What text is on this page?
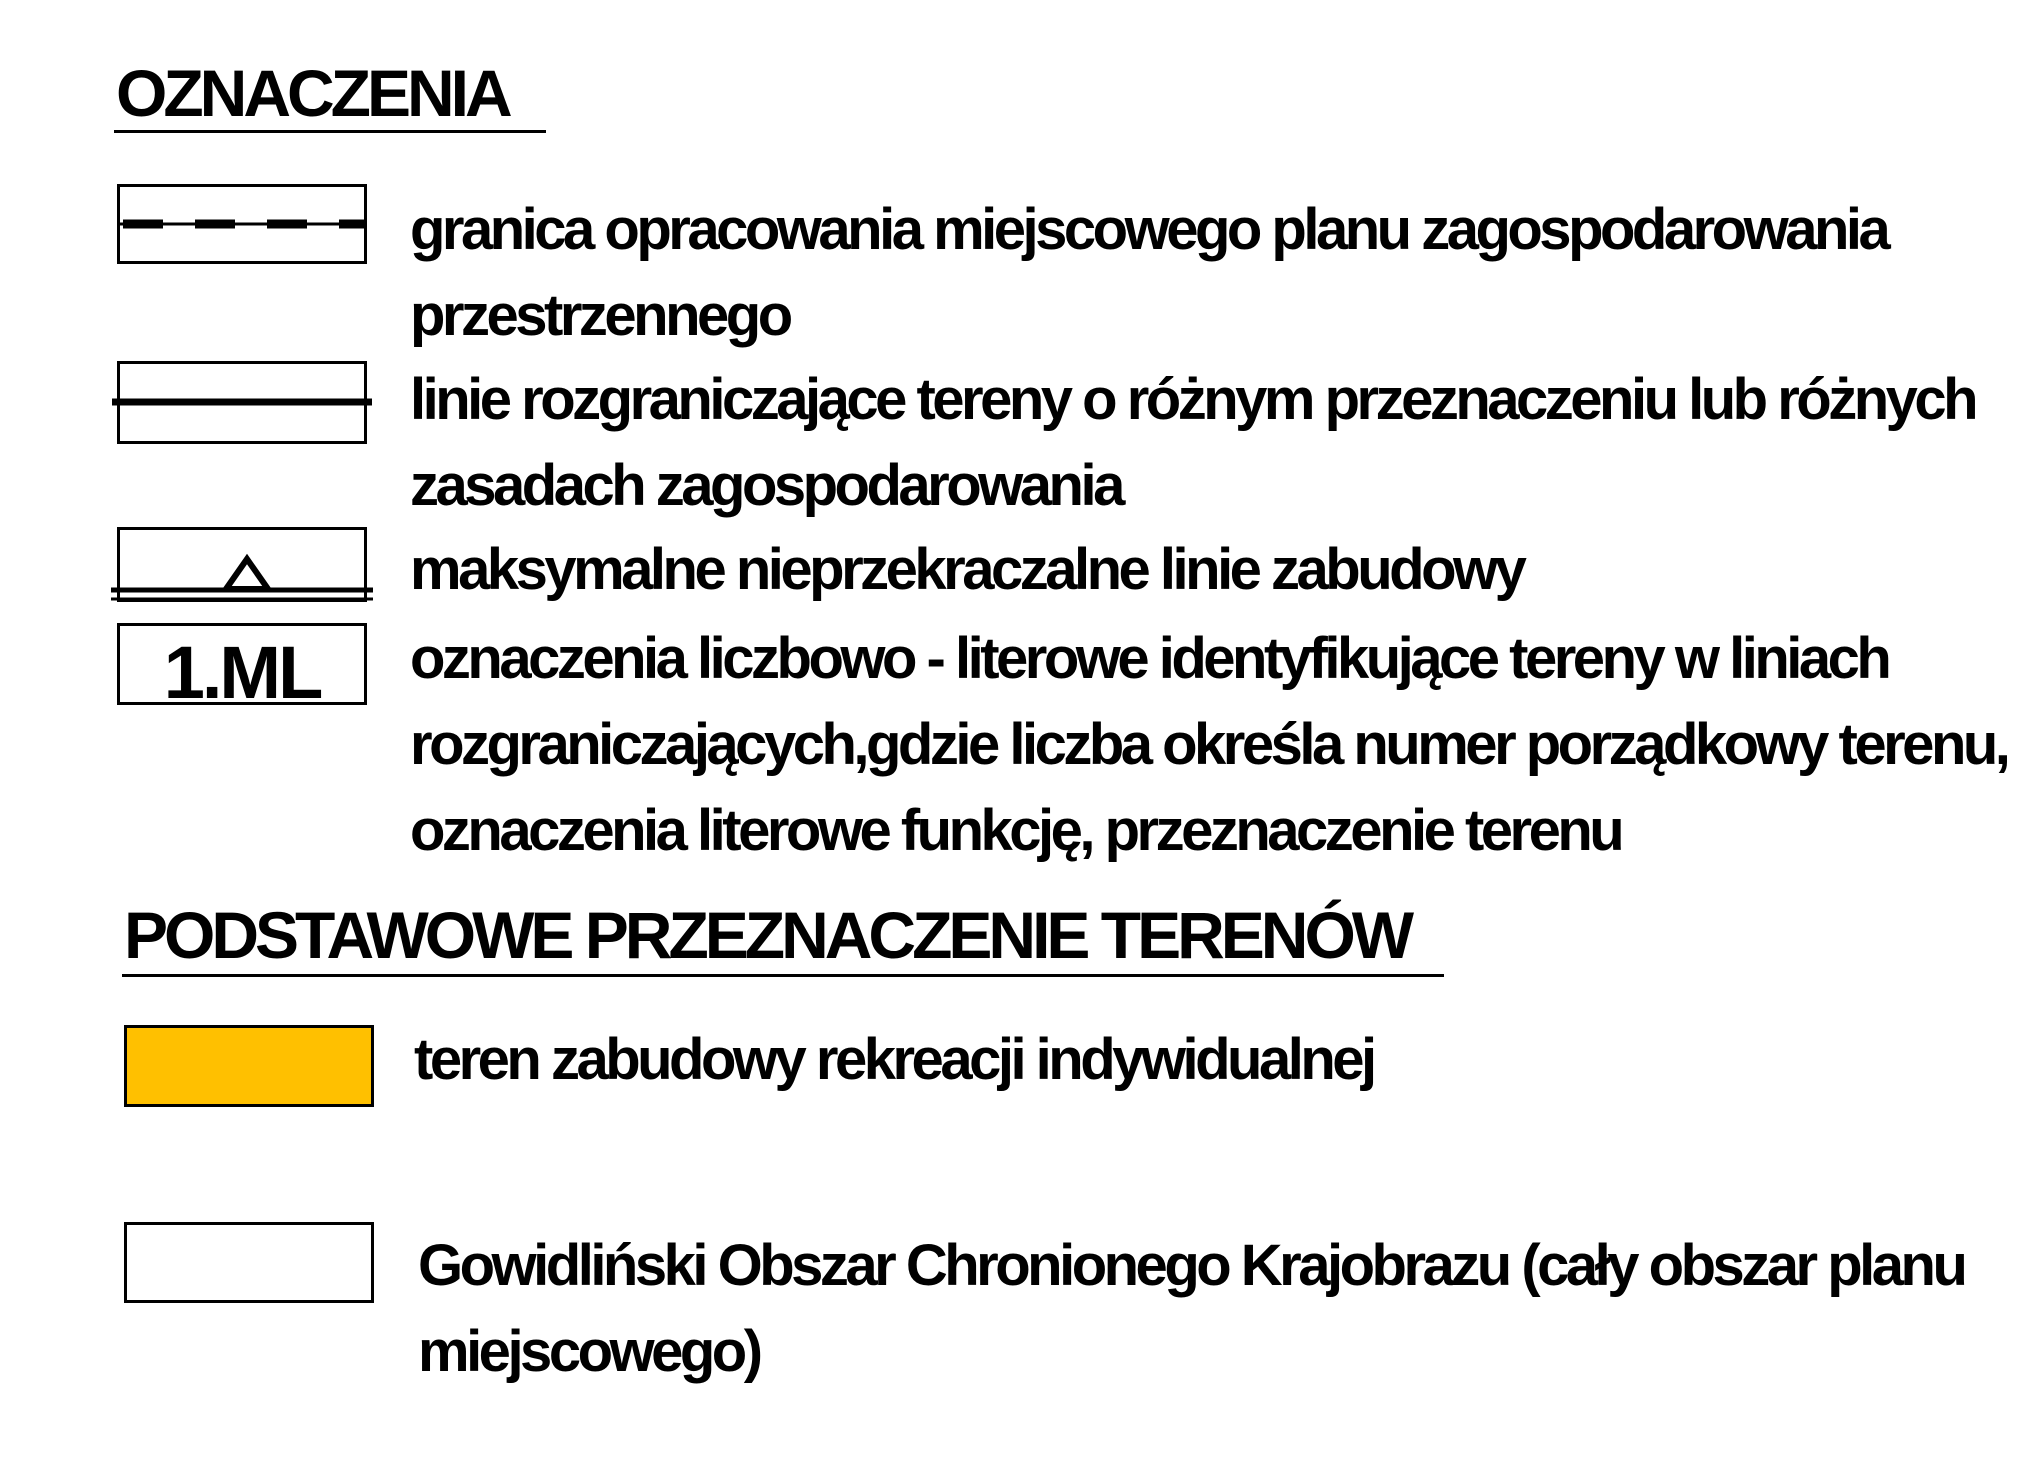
OZNACZENIA
granica opracowania miejscowego planu zagospodarowania
przestrzennego
linie rozgraniczające tereny o różnym przeznaczeniu lub różnych
zasadach zagospodarowania
maksymalne nieprzekraczalne linie zabudowy
1.ML	oznaczenia liczbowo - literowe identyfikujące tereny w liniach
rozgraniczających,gdzie liczba określa numer porządkowy terenu,
oznaczenia literowe funkcję, przeznaczenie terenu
PODSTAWOWE PRZEZNACZENIE TERENÓW
teren zabudowy rekreacji indywidualnej
Gowidliński Obszar Chronionego Krajobrazu (cały obszar planu
miejscowego)
